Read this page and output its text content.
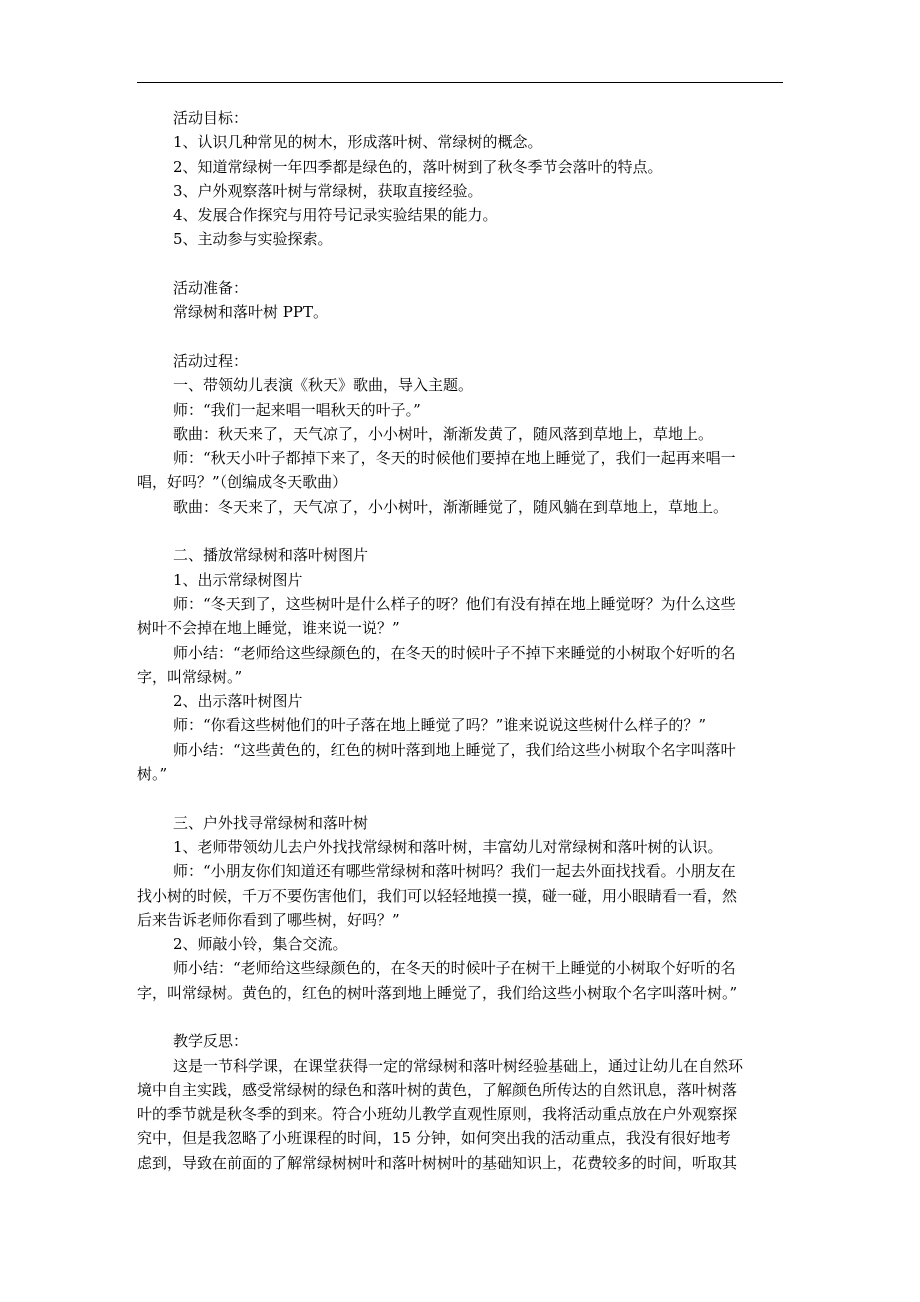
活动目标：
1、认识几种常见的树木，形成落叶树、常绿树的概念。
2、知道常绿树一年四季都是绿色的，落叶树到了秋冬季节会落叶的特点。
3、户外观察落叶树与常绿树，获取直接经验。
4、发展合作探究与用符号记录实验结果的能力。
5、主动参与实验探索。
活动准备：
常绿树和落叶树 PPT。
活动过程：
一、带领幼儿表演《秋天》歌曲，导入主题。
师：“我们一起来唱一唱秋天的叶子。”
歌曲：秋天来了，天气凉了，小小树叶，渐渐发黄了，随风落到草地上，草地上。
师：“秋天小叶子都掉下来了，冬天的时候他们要掉在地上睡觉了，我们一起再来唱一
唱，好吗？”（创编成冬天歌曲）
歌曲：冬天来了，天气凉了，小小树叶，渐渐睡觉了，随风躺在到草地上，草地上。
二、播放常绿树和落叶树图片
1、出示常绿树图片
师：“冬天到了，这些树叶是什么样子的呀？他们有没有掉在地上睡觉呀？为什么这些
树叶不会掉在地上睡觉，谁来说一说？”
师小结：“老师给这些绿颜色的，在冬天的时候叶子不掉下来睡觉的小树取个好听的名
字，叫常绿树。”
2、出示落叶树图片
师：“你看这些树他们的叶子落在地上睡觉了吗？”谁来说说这些树什么样子的？”
师小结：“这些黄色的，红色的树叶落到地上睡觉了，我们给这些小树取个名字叫落叶
树。”
三、户外找寻常绿树和落叶树
1、老师带领幼儿去户外找找常绿树和落叶树，丰富幼儿对常绿树和落叶树的认识。
师：“小朋友你们知道还有哪些常绿树和落叶树吗？我们一起去外面找找看。小朋友在
找小树的时候，千万不要伤害他们，我们可以轻轻地摸一摸，碰一碰，用小眼睛看一看，然
后来告诉老师你看到了哪些树，好吗？”
2、师敲小铃，集合交流。
师小结：“老师给这些绿颜色的，在冬天的时候叶子在树干上睡觉的小树取个好听的名
字，叫常绿树。黄色的，红色的树叶落到地上睡觉了，我们给这些小树取个名字叫落叶树。”
教学反思：
这是一节科学课，在课堂获得一定的常绿树和落叶树经验基础上，通过让幼儿在自然环
境中自主实践，感受常绿树的绿色和落叶树的黄色，了解颜色所传达的自然讯息，落叶树落
叶的季节就是秋冬季的到来。符合小班幼儿教学直观性原则，我将活动重点放在户外观察探
究中，但是我忽略了小班课程的时间，15 分钟，如何突出我的活动重点，我没有很好地考
虑到，导致在前面的了解常绿树树叶和落叶树树叶的基础知识上，花费较多的时间，听取其
